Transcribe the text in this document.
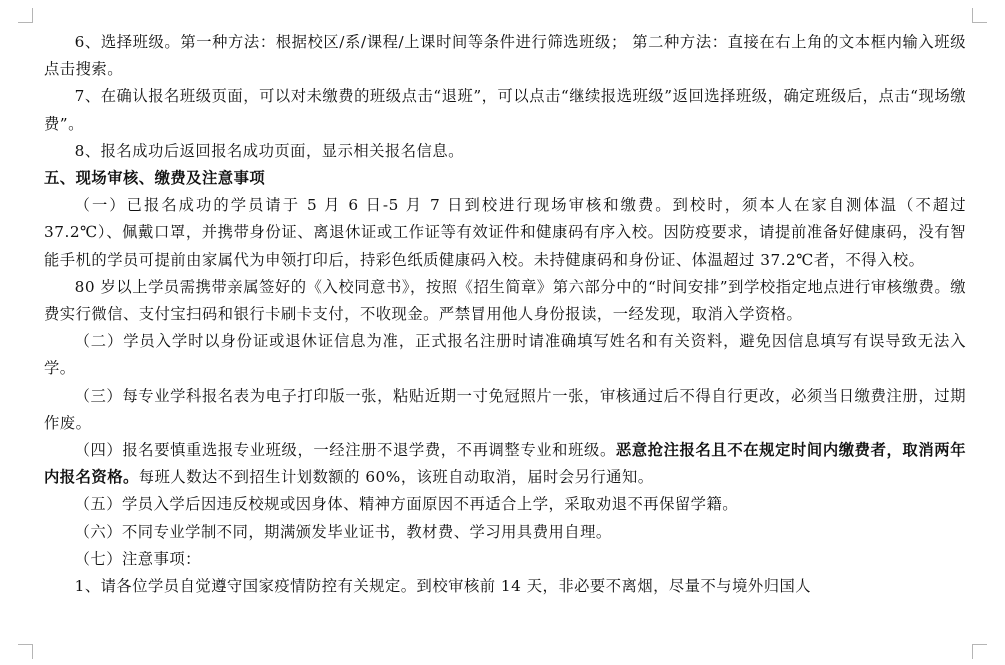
6、选择班级。第一种方法：根据校区/系/课程/上课时间等条件进行筛选班级； 第二种方法：直接在右上角的文本框内输入班级点击搜索。

7、在确认报名班级页面，可以对未缴费的班级点击“退班”，可以点击“继续报选班级”返回选择班级，确定班级后，点击“现场缴费”。

8、报名成功后返回报名成功页面，显示相关报名信息。

五、现场审核、缴费及注意事项

（一）已报名成功的学员请于 5 月 6 日-5 月 7 日到校进行现场审核和缴费。到校时，须本人在家自测体温（不超过 37.2℃）、佩戴口罩，并携带身份证、离退休证或工作证等有效证件和健康码有序入校。因防疫要求，请提前准备好健康码，没有智能手机的学员可提前由家属代为申领打印后，持彩色纸质健康码入校。未持健康码和身份证、体温超过 37.2℃者，不得入校。

80 岁以上学员需携带亲属签好的《入校同意书》，按照《招生简章》第六部分中的“时间安排”到学校指定地点进行审核缴费。缴费实行微信、支付宝扫码和银行卡刷卡支付，不收现金。严禁冒用他人身份报读，一经发现，取消入学资格。

（二）学员入学时以身份证或退休证信息为准，正式报名注册时请准确填写姓名和有关资料，避免因信息填写有误导致无法入学。

（三）每专业学科报名表为电子打印版一张，粘贴近期一寸免冠照片一张，审核通过后不得自行更改，必须当日缴费注册，过期作废。

（四）报名要慎重选报专业班级，一经注册不退学费，不再调整专业和班级。恶意抢注报名且不在规定时间内缴费者，取消两年内报名资格。每班人数达不到招生计划数额的 60%，该班自动取消，届时会另行通知。

（五）学员入学后因违反校规或因身体、精神方面原因不再适合上学，采取劝退不再保留学籍。

（六）不同专业学制不同，期满颁发毕业证书，教材费、学习用具费用自理。

（七）注意事项：

1、请各位学员自觉遵守国家疫情防控有关规定。到校审核前 14 天，非必要不离烟，尽量不与境外归国人
